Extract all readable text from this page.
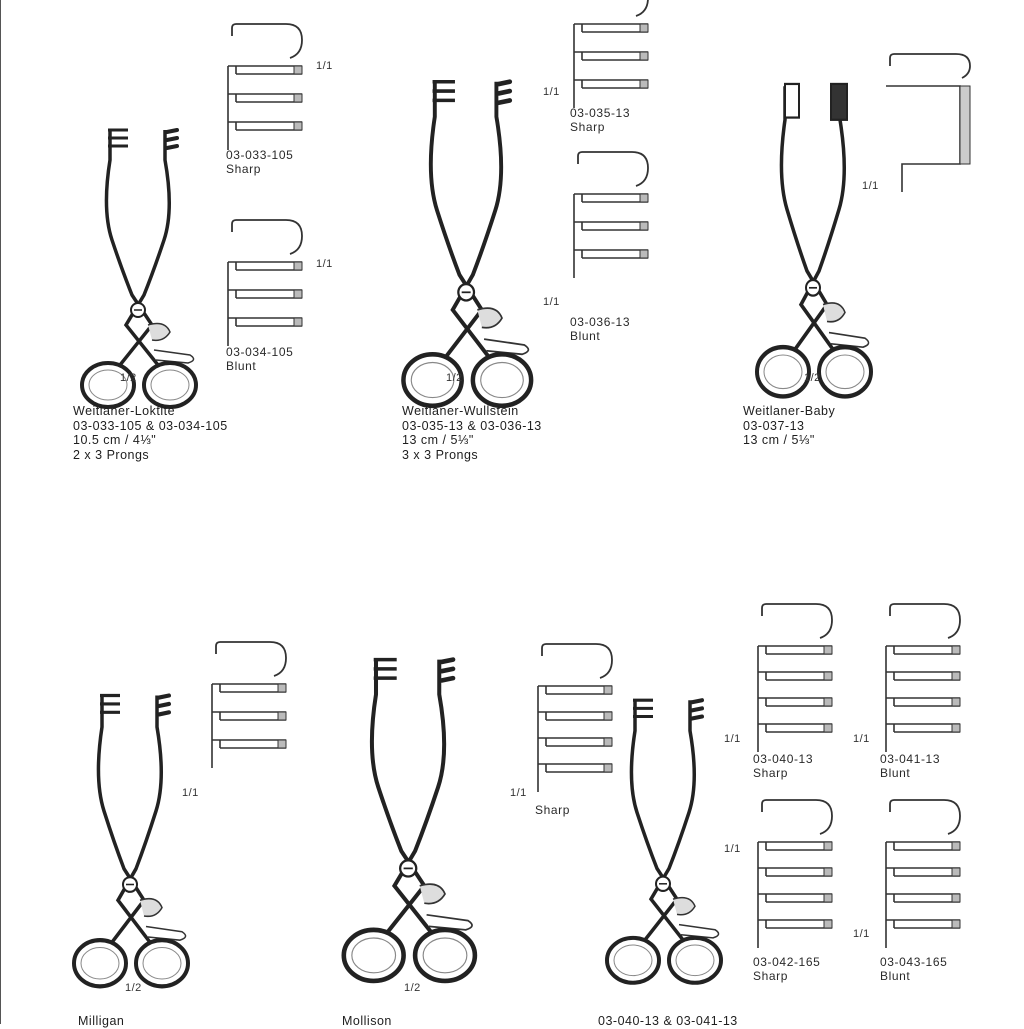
1/1
03-033-105
Sharp
1/1
03-034-105
Blunt
1/1
03-035-13
Sharp
1/1
03-036-13
Blunt
1/1
1/2
Weitlaner-Loktite
03-033-105 & 03-034-105
10.5 cm / 4⅓"
2 x 3 Prongs
1/2
Weitlaner-Wullstein
03-035-13 & 03-036-13
13 cm / 5⅓"
3 x 3 Prongs
1/2
Weitlaner-Baby
03-037-13
13 cm / 5⅓"
1/1	1/1
Sharp
1/1
03-040-13
Sharp
1/1
03-041-13
Blunt
1/1
03-042-165
Sharp
1/1
03-043-165
Blunt
1/2
Milligan
1/2
Mollison	03-040-13 & 03-041-13
